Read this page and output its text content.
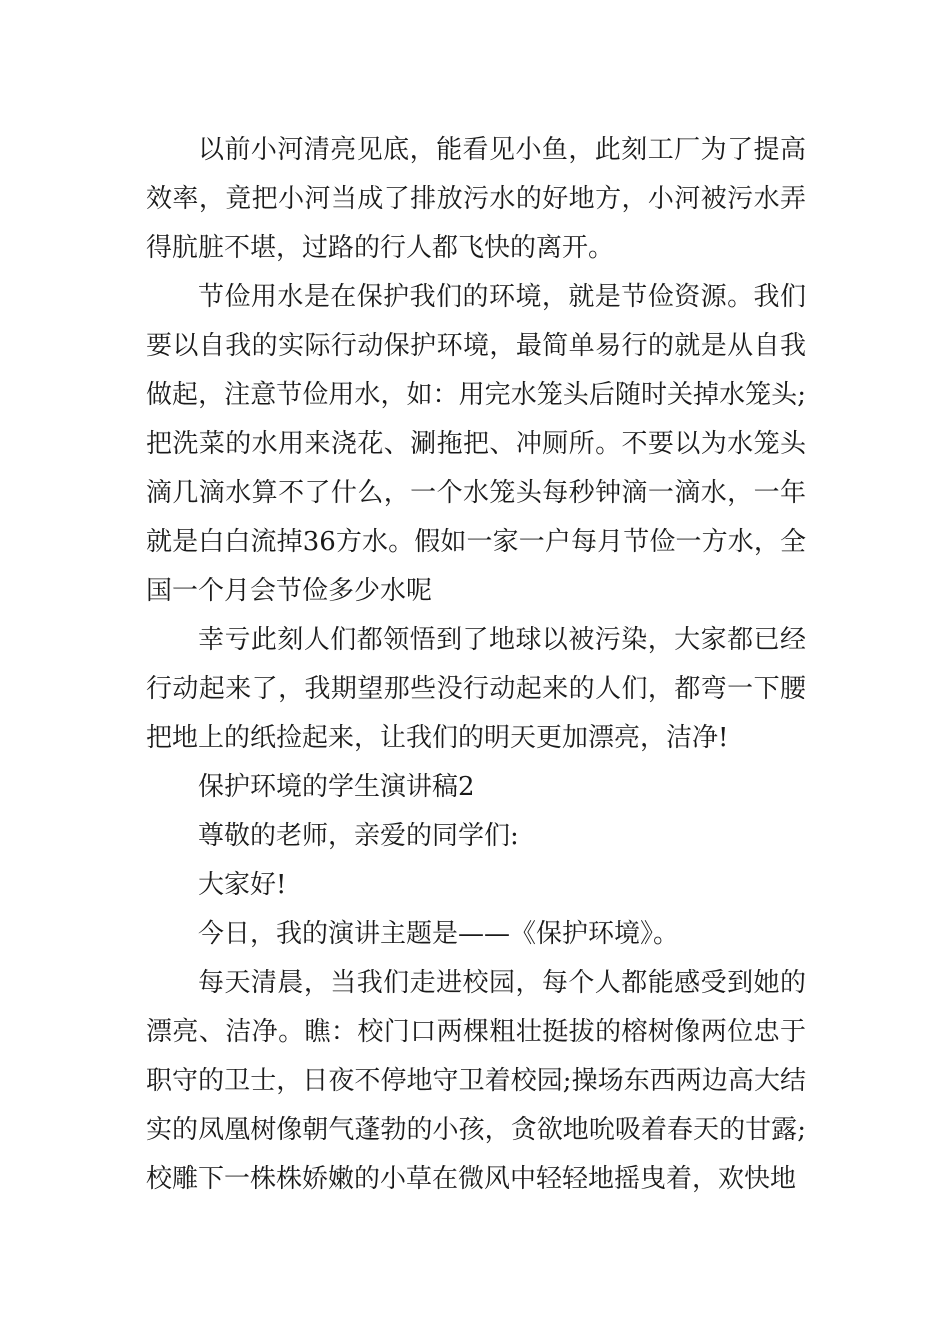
以前小河清亮见底，能看见小鱼，此刻工厂为了提高效率，竟把小河当成了排放污水的好地方，小河被污水弄得肮脏不堪，过路的行人都飞快的离开。

节俭用水是在保护我们的环境，就是节俭资源。我们要以自我的实际行动保护环境，最简单易行的就是从自我做起，注意节俭用水，如：用完水笼头后随时关掉水笼头;把洗菜的水用来浇花、涮拖把、冲厕所。不要以为水笼头滴几滴水算不了什么，一个水笼头每秒钟滴一滴水，一年就是白白流掉36方水。假如一家一户每月节俭一方水，全国一个月会节俭多少水呢

幸亏此刻人们都领悟到了地球以被污染，大家都已经行动起来了，我期望那些没行动起来的人们，都弯一下腰把地上的纸捡起来，让我们的明天更加漂亮，洁净!

保护环境的学生演讲稿2

尊敬的老师，亲爱的同学们:

大家好!

今日，我的演讲主题是——《保护环境》。

每天清晨，当我们走进校园，每个人都能感受到她的漂亮、洁净。瞧：校门口两棵粗壮挺拔的榕树像两位忠于职守的卫士，日夜不停地守卫着校园;操场东西两边高大结实的凤凰树像朝气蓬勃的小孩，贪欲地吮吸着春天的甘露;校雕下一株株娇嫩的小草在微风中轻轻地摇曳着，欢快地
